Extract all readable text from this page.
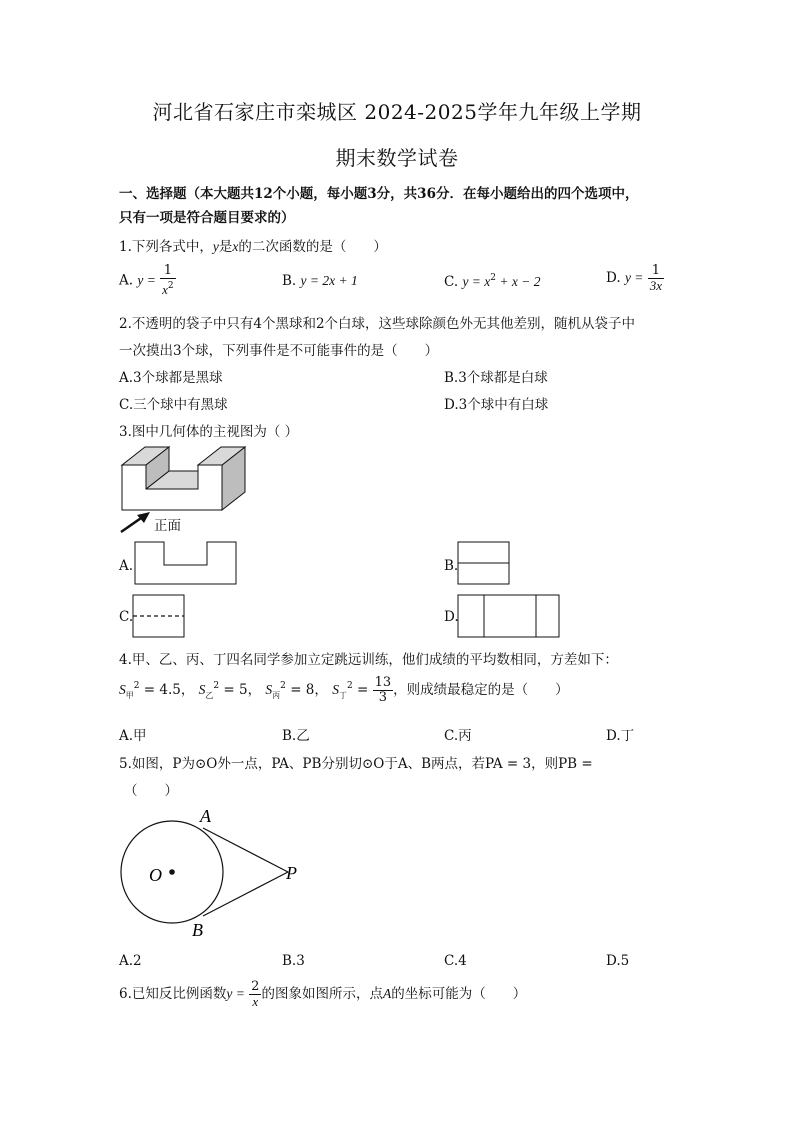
河北省石家庄市栾城区 2024-2025学年九年级上学期
期末数学试卷
一、选择题（本大题共12个小题，每小题3分，共36分．在每小题给出的四个选项中，
只有一项是符合题目要求的）
1.下列各式中，y是x的二次函数的是（　　）
A. $y = \frac{1}{x^2}$	B. y = 2x + 1	C. $y = x^2 + x - 2$	D. $y = \frac{1}{3x}$
2.不透明的袋子中只有4个黑球和2个白球，这些球除颜色外无其他差别，随机从袋子中
一次摸出3个球，下列事件是不可能事件的是（　　）
A.3个球都是黑球	B.3个球都是白球
C.三个球中有黑球	D.3个球中有白球
3.图中几何体的主视图为（ ）
正面
A.	B.
C.	D.
4.甲、乙、丙、丁四名同学参加立定跳远训练，他们成绩的平均数相同，方差如下：
$S_甲^2 = 4.5$， $S_乙^2 = 5$， $S_丙^2 = 8$， $S_丁^2 = \frac{13}{3}$ ，则成绩最稳定的是（　　）
A.甲	B.乙	C.丙	D.丁
5.如图，P为⊙O外一点，PA、PB分别切⊙O于A、B两点，若PA = 3，则PB =
（　　）
A
B
O	P
A.2	B.3	C.4	D.5
6.已知反比例函数$y = \frac{2}{x}$ 的图象如图所示，点A的坐标可能为（　　）
